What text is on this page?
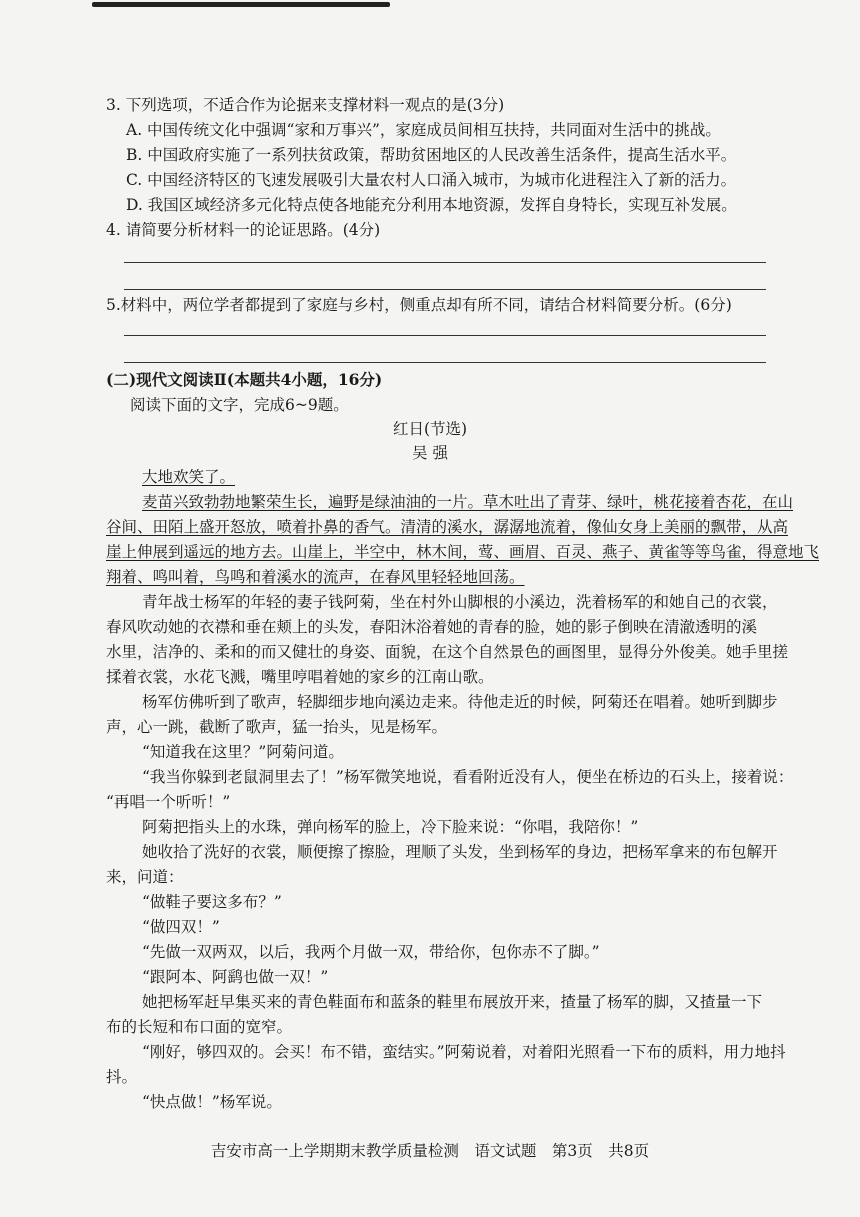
3. 下列选项，不适合作为论据来支撑材料一观点的是(3分)
A. 中国传统文化中强调“家和万事兴”，家庭成员间相互扶持，共同面对生活中的挑战。
B. 中国政府实施了一系列扶贫政策，帮助贫困地区的人民改善生活条件，提高生活水平。
C. 中国经济特区的飞速发展吸引大量农村人口涌入城市，为城市化进程注入了新的活力。
D. 我国区域经济多元化特点使各地能充分利用本地资源，发挥自身特长，实现互补发展。
4. 请简要分析材料一的论证思路。(4分)
5.材料中，两位学者都提到了家庭与乡村，侧重点却有所不同，请结合材料简要分析。(6分)
(二)现代文阅读Ⅱ(本题共4小题，16分)
阅读下面的文字，完成6~9题。
红日(节选)
吴 强
大地欢笑了。
麦苗兴致勃勃地繁荣生长，遍野是绿油油的一片。草木吐出了青芽、绿叶，桃花接着杏花，在山
谷间、田陌上盛开怒放，喷着扑鼻的香气。清清的溪水，潺潺地流着，像仙女身上美丽的飘带，从高
崖上伸展到遥远的地方去。山崖上，半空中，林木间，莺、画眉、百灵、燕子、黄雀等等鸟雀，得意地飞
翔着、鸣叫着，鸟鸣和着溪水的流声，在春风里轻轻地回荡。
青年战士杨军的年轻的妻子钱阿菊，坐在村外山脚根的小溪边，洗着杨军的和她自己的衣裳，
春风吹动她的衣襟和垂在颊上的头发，春阳沐浴着她的青春的脸，她的影子倒映在清澈透明的溪
水里，洁净的、柔和的而又健壮的身姿、面貌，在这个自然景色的画图里，显得分外俊美。她手里搓
揉着衣裳，水花飞溅，嘴里哼唱着她的家乡的江南山歌。
杨军仿佛听到了歌声，轻脚细步地向溪边走来。待他走近的时候，阿菊还在唱着。她听到脚步
声，心一跳，截断了歌声，猛一抬头，见是杨军。
“知道我在这里？”阿菊问道。
“我当你躲到老鼠洞里去了！”杨军微笑地说，看看附近没有人，便坐在桥边的石头上，接着说：
“再唱一个听听！”
阿菊把指头上的水珠，弹向杨军的脸上，冷下脸来说：“你唱，我陪你！”
她收拾了洗好的衣裳，顺便擦了擦脸，理顺了头发，坐到杨军的身边，把杨军拿来的布包解开
来，问道：
“做鞋子要这多布？”
“做四双！”
“先做一双两双，以后，我两个月做一双，带给你，包你赤不了脚。”
“跟阿本、阿鹞也做一双！”
她把杨军赶早集买来的青色鞋面布和蓝条的鞋里布展放开来，揸量了杨军的脚，又揸量一下
布的长短和布口面的宽窄。
“刚好，够四双的。会买！布不错，蛮结实。”阿菊说着，对着阳光照看一下布的质料，用力地抖
抖。
“快点做！”杨军说。
吉安市高一上学期期末教学质量检测　语文试题　第3页　共8页
